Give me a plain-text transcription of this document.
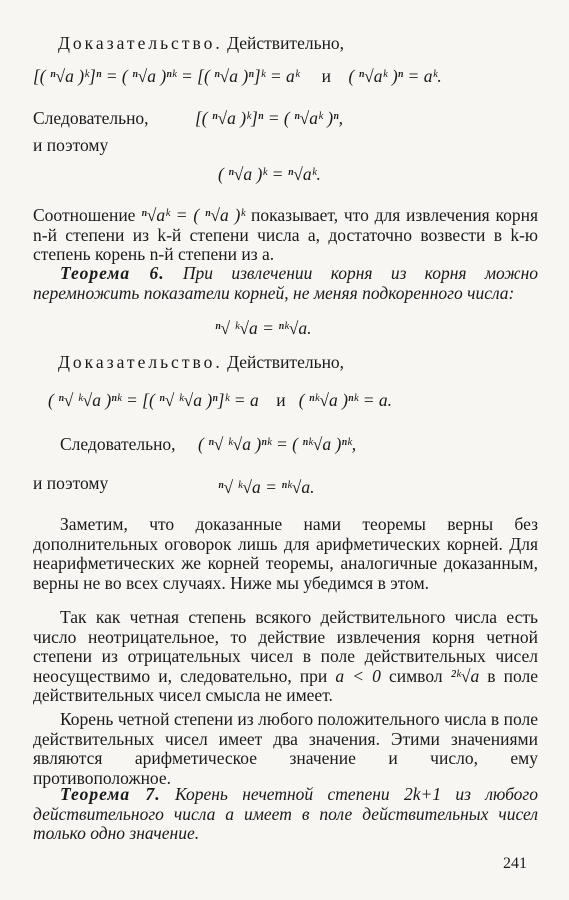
Доказательство. Действительно,
[( ⁿ√a )ᵏ]ⁿ = ( ⁿ√a )ⁿᵏ = [( ⁿ√a )ⁿ]ᵏ = aᵏ и ( ⁿ√aᵏ )ⁿ = aᵏ.
Следовательно,	[( ⁿ√a )ᵏ]ⁿ = ( ⁿ√aᵏ )ⁿ,
и поэтому
( ⁿ√a )ᵏ = ⁿ√aᵏ.
Соотношение ⁿ√aᵏ = ( ⁿ√a )ᵏ показывает, что для извлечения корня n-й степени из k-й степени числа a, достаточно возвести в k-ю степень корень n-й степени из a.
Теорема 6. При извлечении корня из корня можно перемножить показатели корней, не меняя подкоренного числа:
ⁿ√ ᵏ√a = ⁿᵏ√a.
Доказательство. Действительно,
( ⁿ√ ᵏ√a )ⁿᵏ = [( ⁿ√ ᵏ√a )ⁿ]ᵏ = a и ( ⁿᵏ√a )ⁿᵏ = a.
Следовательно, ( ⁿ√ ᵏ√a )ⁿᵏ = ( ⁿᵏ√a )ⁿᵏ,
и поэтому	ⁿ√ ᵏ√a = ⁿᵏ√a.
Заметим, что доказанные нами теоремы верны без дополнительных оговорок лишь для арифметических корней. Для неарифметических же корней теоремы, аналогичные доказанным, верны не во всех случаях. Ниже мы убедимся в этом.
Так как четная степень всякого действительного числа есть число неотрицательное, то действие извлечения корня четной степени из отрицательных чисел в поле действительных чисел неосуществимо и, следовательно, при a < 0 символ ²ᵏ√a в поле действительных чисел смысла не имеет.
Корень четной степени из любого положительного числа в поле действительных чисел имеет два значения. Этими значениями являются арифметическое значение и число, ему противоположное.
Теорема 7. Корень нечетной степени 2k+1 из любого действительного числа a имеет в поле действительных чисел только одно значение.
241
